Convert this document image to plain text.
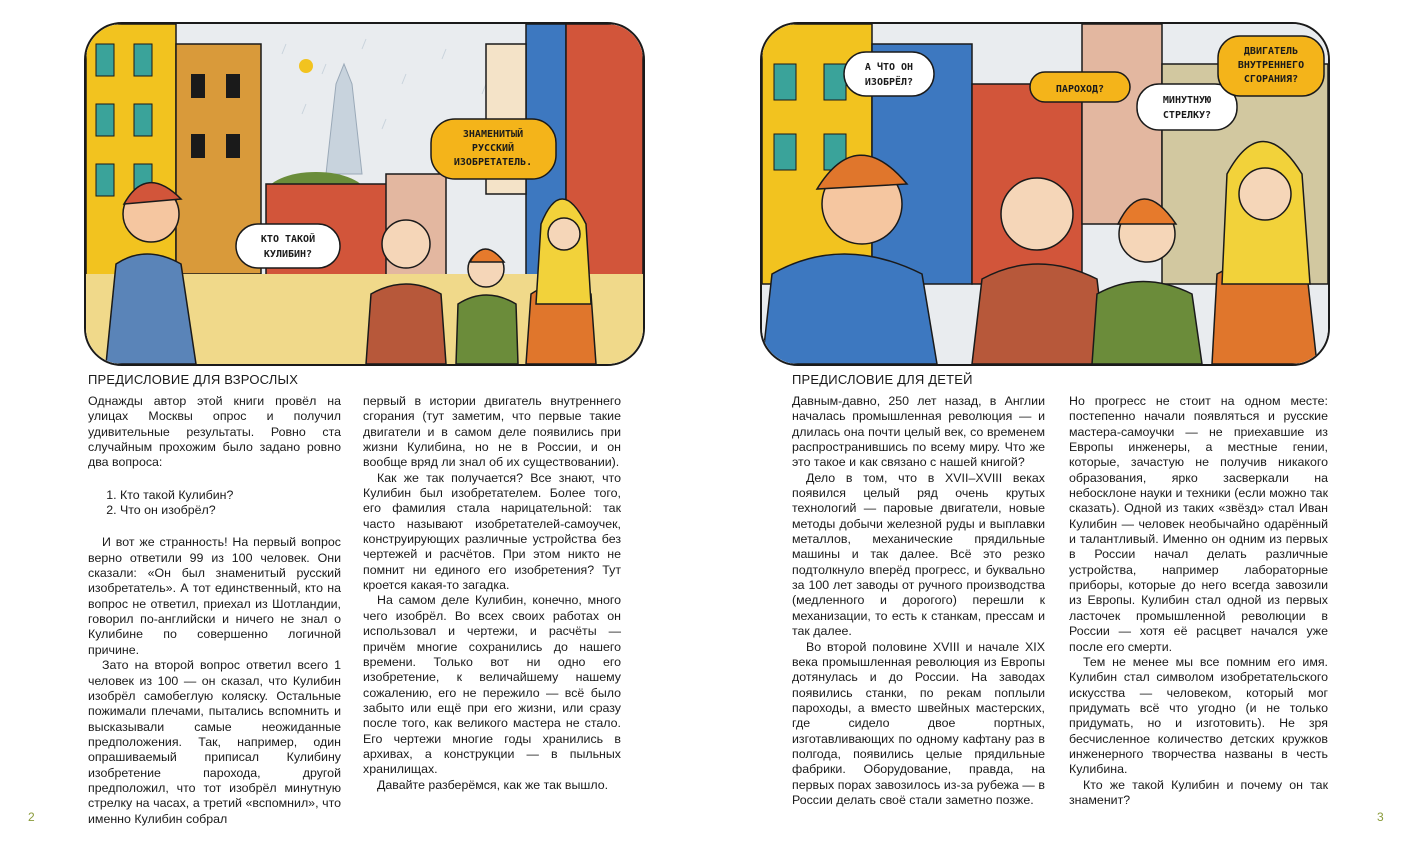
КТО ТАКОЙ
КУЛИБИН?
ЗНАМЕНИТЫЙ
РУССКИЙ
ИЗОБРЕТАТЕЛЬ.
А ЧТО ОН
ИЗОБРЁЛ?
ПАРОХОД?
МИНУТНУЮ
СТРЕЛКУ?
ДВИГАТЕЛЬ
ВНУТРЕННЕГО
СГОРАНИЯ?
ПРЕДИСЛОВИЕ ДЛЯ ВЗРОСЛЫХ

Однажды автор этой книги провёл на улицах Москвы опрос и получил удивительные результаты. Ровно ста случайным прохожим было задано ровно два вопроса:

1. Кто такой Кулибин?
2. Что он изобрёл?

И вот же странность! На первый вопрос верно ответили 99 из 100 человек. Они сказали: «Он был знаменитый русский изобретатель». А тот единственный, кто на вопрос не ответил, приехал из Шотландии, говорил по-английски и ничего не знал о Кулибине по совершенно логичной причине.

Зато на второй вопрос ответил всего 1 человек из 100 — он сказал, что Кулибин изобрёл самобеглую коляску. Остальные пожимали плечами, пытались вспомнить и высказывали самые неожиданные предположения. Так, например, один опрашиваемый приписал Кулибину изобретение парохода, другой предположил, что тот изобрёл минутную стрелку на часах, а третий «вспомнил», что именно Кулибин собрал

первый в истории двигатель внутреннего сгорания (тут заметим, что первые такие двигатели и в самом деле появились при жизни Кулибина, но не в России, и он вообще вряд ли знал об их существовании).

Как же так получается? Все знают, что Кулибин был изобретателем. Более того, его фамилия стала нарицательной: так часто называют изобретателей-самоучек, конструирующих различные устройства без чертежей и расчётов. При этом никто не помнит ни единого его изобретения? Тут кроется какая-то загадка.

На самом деле Кулибин, конечно, много чего изобрёл. Во всех своих работах он использовал и чертежи, и расчёты — причём многие сохранились до нашего времени. Только вот ни одно его изобретение, к величайшему нашему сожалению, его не пережило — всё было забыто или ещё при его жизни, или сразу после того, как великого мастера не стало. Его чертежи многие годы хранились в архивах, а конструкции — в пыльных хранилищах.

Давайте разберёмся, как же так вышло.

2
ПРЕДИСЛОВИЕ ДЛЯ ДЕТЕЙ

Давным-давно, 250 лет назад, в Англии началась промышленная революция — и длилась она почти целый век, со временем распространившись по всему миру. Что же это такое и как связано с нашей книгой?

Дело в том, что в XVII–XVIII веках появился целый ряд очень крутых технологий — паровые двигатели, новые методы добычи железной руды и выплавки металлов, механические прядильные машины и так далее. Всё это резко подтолкнуло вперёд прогресс, и буквально за 100 лет заводы от ручного производства (медленного и дорогого) перешли к механизации, то есть к станкам, прессам и так далее.

Во второй половине XVIII и начале XIX века промышленная революция из Европы дотянулась и до России. На заводах появились станки, по рекам поплыли пароходы, а вместо швейных мастерских, где сидело двое портных, изготавливающих по одному кафтану раз в полгода, появились целые прядильные фабрики. Оборудование, правда, на первых порах завозилось из-за рубежа — в России делать своё стали заметно позже.

Но прогресс не стоит на одном месте: постепенно начали появляться и русские мастера-самоучки — не приехавшие из Европы инженеры, а местные гении, которые, зачастую не получив никакого образования, ярко засверкали на небосклоне науки и техники (если можно так сказать). Одной из таких «звёзд» стал Иван Кулибин — человек необычайно одарённый и талантливый. Именно он одним из первых в России начал делать различные устройства, например лабораторные приборы, которые до него всегда завозили из Европы. Кулибин стал одной из первых ласточек промышленной революции в России — хотя её расцвет начался уже после его смерти.

Тем не менее мы все помним его имя. Кулибин стал символом изобретательского искусства — человеком, который мог придумать всё что угодно (и не только придумать, но и изготовить). Не зря бесчисленное количество детских кружков инженерного творчества названы в честь Кулибина.

Кто же такой Кулибин и почему он так знаменит?

3
